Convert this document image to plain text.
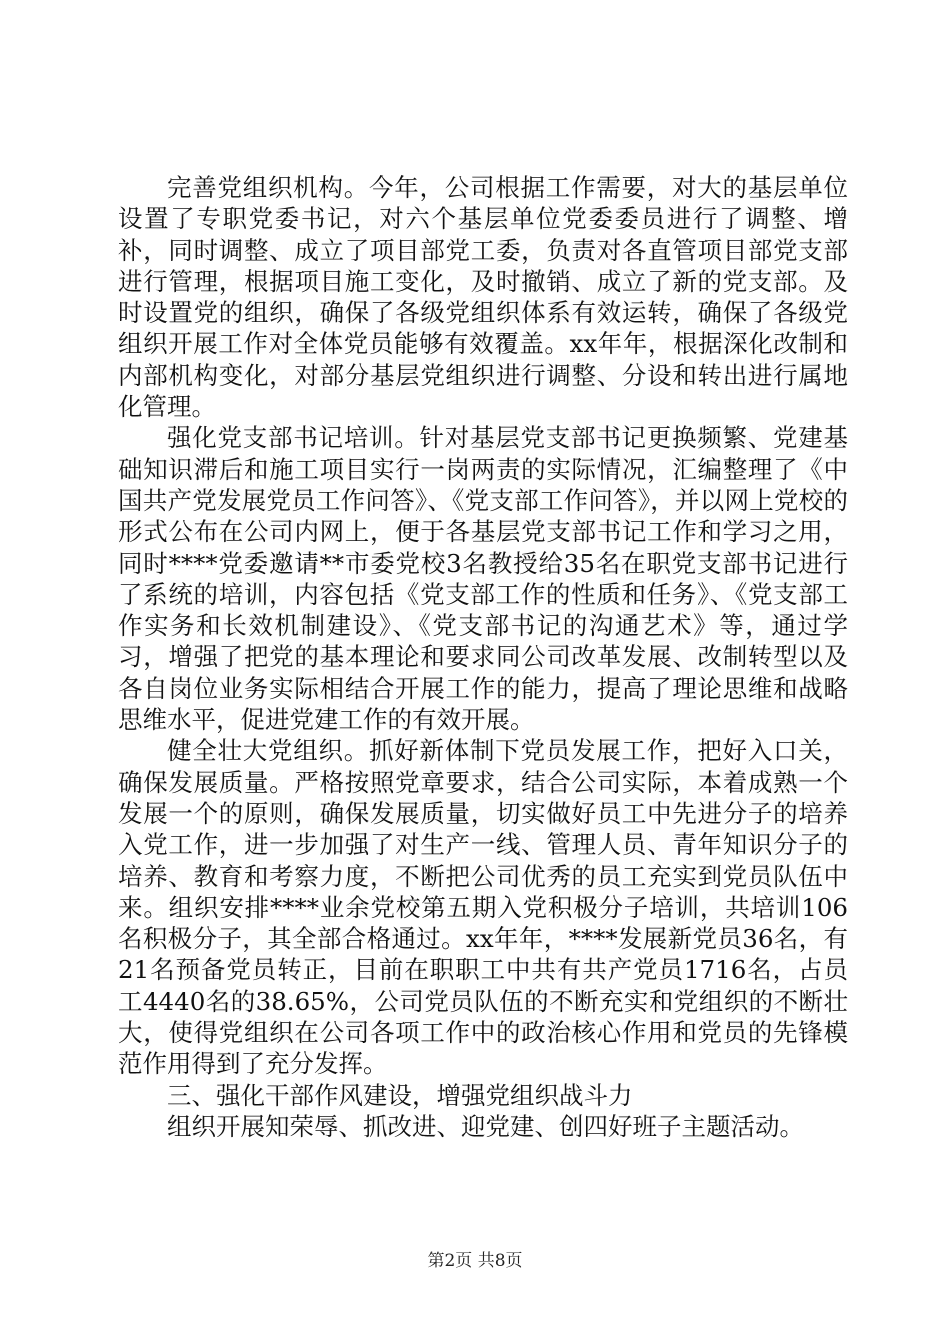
完善党组织机构。今年，公司根据工作需要，对大的基层单位设置了专职党委书记，对六个基层单位党委委员进行了调整、增补，同时调整、成立了项目部党工委，负责对各直管项目部党支部进行管理，根据项目施工变化，及时撤销、成立了新的党支部。及时设置党的组织，确保了各级党组织体系有效运转，确保了各级党组织开展工作对全体党员能够有效覆盖。xx年年，根据深化改制和内部机构变化，对部分基层党组织进行调整、分设和转出进行属地化管理。

强化党支部书记培训。针对基层党支部书记更换频繁、党建基础知识滞后和施工项目实行一岗两责的实际情况，汇编整理了《中国共产党发展党员工作问答》、《党支部工作问答》，并以网上党校的形式公布在公司内网上，便于各基层党支部书记工作和学习之用，同时****党委邀请**市委党校3名教授给35名在职党支部书记进行了系统的培训，内容包括《党支部工作的性质和任务》、《党支部工作实务和长效机制建设》、《党支部书记的沟通艺术》等，通过学习，增强了把党的基本理论和要求同公司改革发展、改制转型以及各自岗位业务实际相结合开展工作的能力，提高了理论思维和战略思维水平，促进党建工作的有效开展。

健全壮大党组织。抓好新体制下党员发展工作，把好入口关，确保发展质量。严格按照党章要求，结合公司实际，本着成熟一个发展一个的原则，确保发展质量，切实做好员工中先进分子的培养入党工作，进一步加强了对生产一线、管理人员、青年知识分子的培养、教育和考察力度，不断把公司优秀的员工充实到党员队伍中来。组织安排****业余党校第五期入党积极分子培训，共培训106名积极分子，其全部合格通过。xx年年，****发展新党员36名，有21名预备党员转正，目前在职职工中共有共产党员1716名，占员工4440名的38.65%，公司党员队伍的不断充实和党组织的不断壮大，使得党组织在公司各项工作中的政治核心作用和党员的先锋模范作用得到了充分发挥。

三、强化干部作风建设，增强党组织战斗力

组织开展知荣辱、抓改进、迎党建、创四好班子主题活动。

第2页 共8页
